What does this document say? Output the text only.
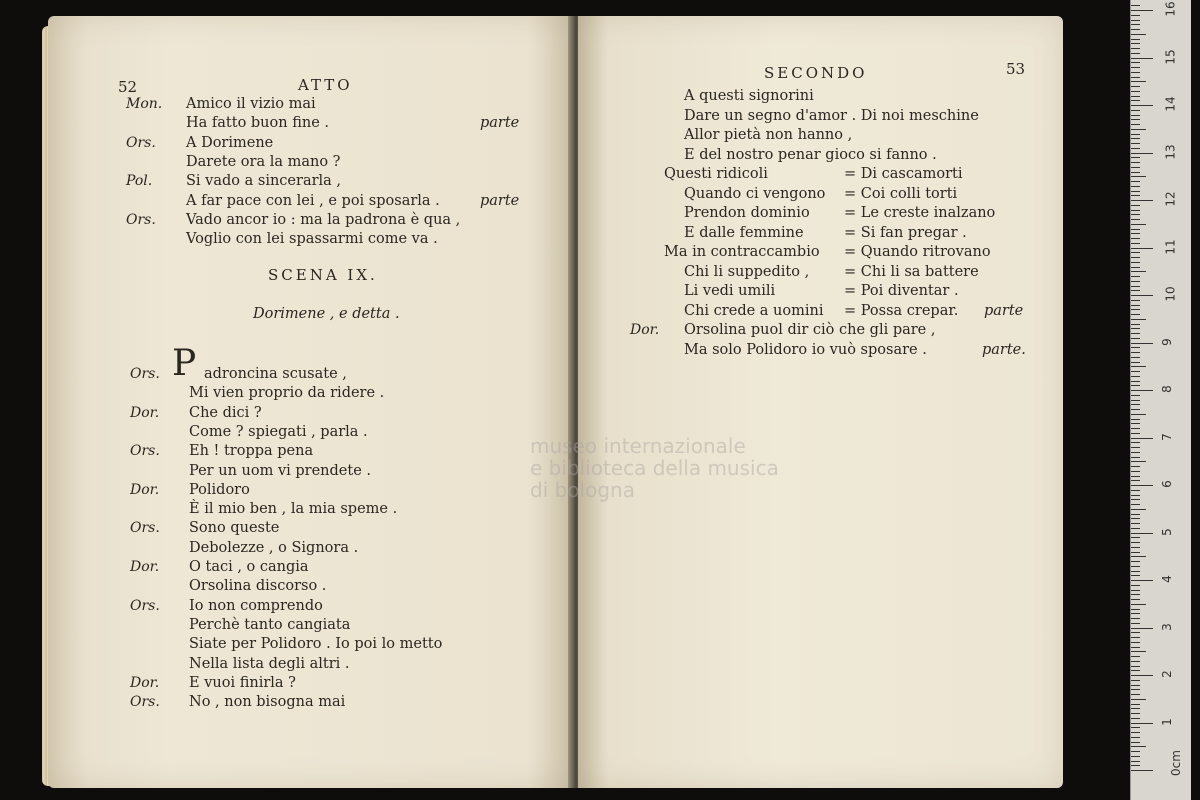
52	ATTO
Mon. Amico il vizio mai
Ha fatto buon fine .	parte
Ors. A Dorimene
Darete ora la mano ?
Pol. Si vado a sincerarla ,
A far pace con lei , e poi sposarla .	parte
Ors. Vado ancor io : ma la padrona è qua ,
Voglio con lei spassarmi come va .
SCENA IX.
Dorimene , e detta .
P
Ors.	adroncina scusate ,
Mi vien proprio da ridere .
Dor. Che dici ?
Come ? spiegati , parla .
Ors. Eh ! troppa pena
Per un uom vi prendete .
Dor. Polidoro
È il mio ben , la mia speme .
Ors. Sono queste
Debolezze , o Signora .
Dor. O taci , o cangia
Orsolina discorso .
Ors. Io non comprendo
Perchè tanto cangiata
Siate per Polidoro . Io poi lo metto
Nella lista degli altri .
Dor. E vuoi finirla ?
Ors. No , non bisogna mai
SECONDO	53
A questi signorini
Dare un segno d'amor . Di noi meschine
Allor pietà non hanno ,
E del nostro penar gioco si fanno .
Questi ridicoli	= Di cascamorti
Quando ci vengono = Coi colli torti
Prendon dominio = Le creste inalzano
E dalle femmine	= Si fan pregar .
Ma in contraccambio = Quando ritrovano
Chi li suppedito , = Chi li sa battere
Li vedi umili	= Poi diventar .
Chi crede a uomini = Possa crepar. parte
Dor. Orsolina puol dir ciò che gli pare ,
Ma solo Polidoro io vuò sposare .	parte.
museo internazionale
e biblioteca della musica
di bologna
0cm
1
2
3
4
5
6
7
8
9
10
11
12
13
14
15
16
